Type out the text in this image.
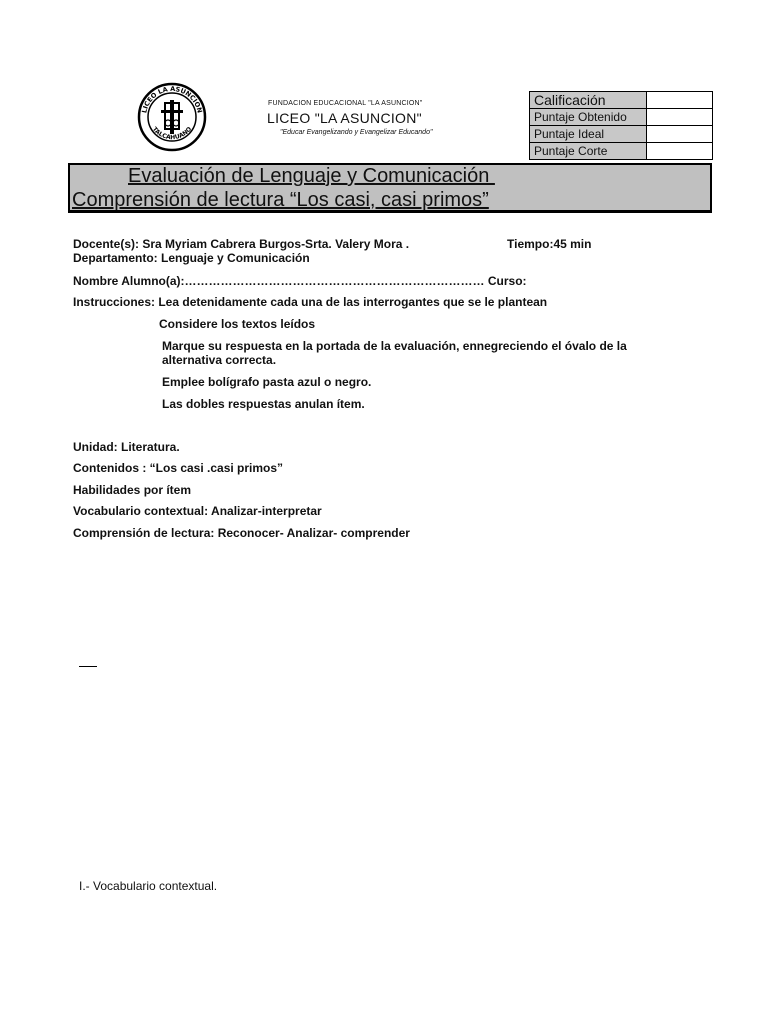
LICEO LA ASUNCION
TALCAHUANO
FUNDACION EDUCACIONAL "LA ASUNCION"
LICEO "LA ASUNCION"
"Educar Evangelizando y Evangelizar Educando"
Calificación	
Puntaje Obtenido	
Puntaje Ideal	
Puntaje Corte	
Evaluación de Lenguaje y Comunicación
Comprensión de lectura “Los casi, casi primos”
Docente(s): Sra Myriam Cabrera Burgos-Srta. Valery Mora .	Tiempo:45 min
Departamento: Lenguaje y Comunicación
Nombre Alumno(a):………………………………………………………………… Curso:
Instrucciones: Lea detenidamente cada una de las interrogantes que se le plantean
Considere los textos leídos
Marque su respuesta en la portada de la evaluación, ennegreciendo el óvalo de la
alternativa correcta.
Emplee bolígrafo pasta azul o negro.
Las dobles respuestas anulan ítem.
Unidad: Literatura.
Contenidos : “Los casi .casi primos”
Habilidades por ítem
Vocabulario contextual: Analizar-interpretar
Comprensión de lectura: Reconocer- Analizar- comprender
I.- Vocabulario contextual.
